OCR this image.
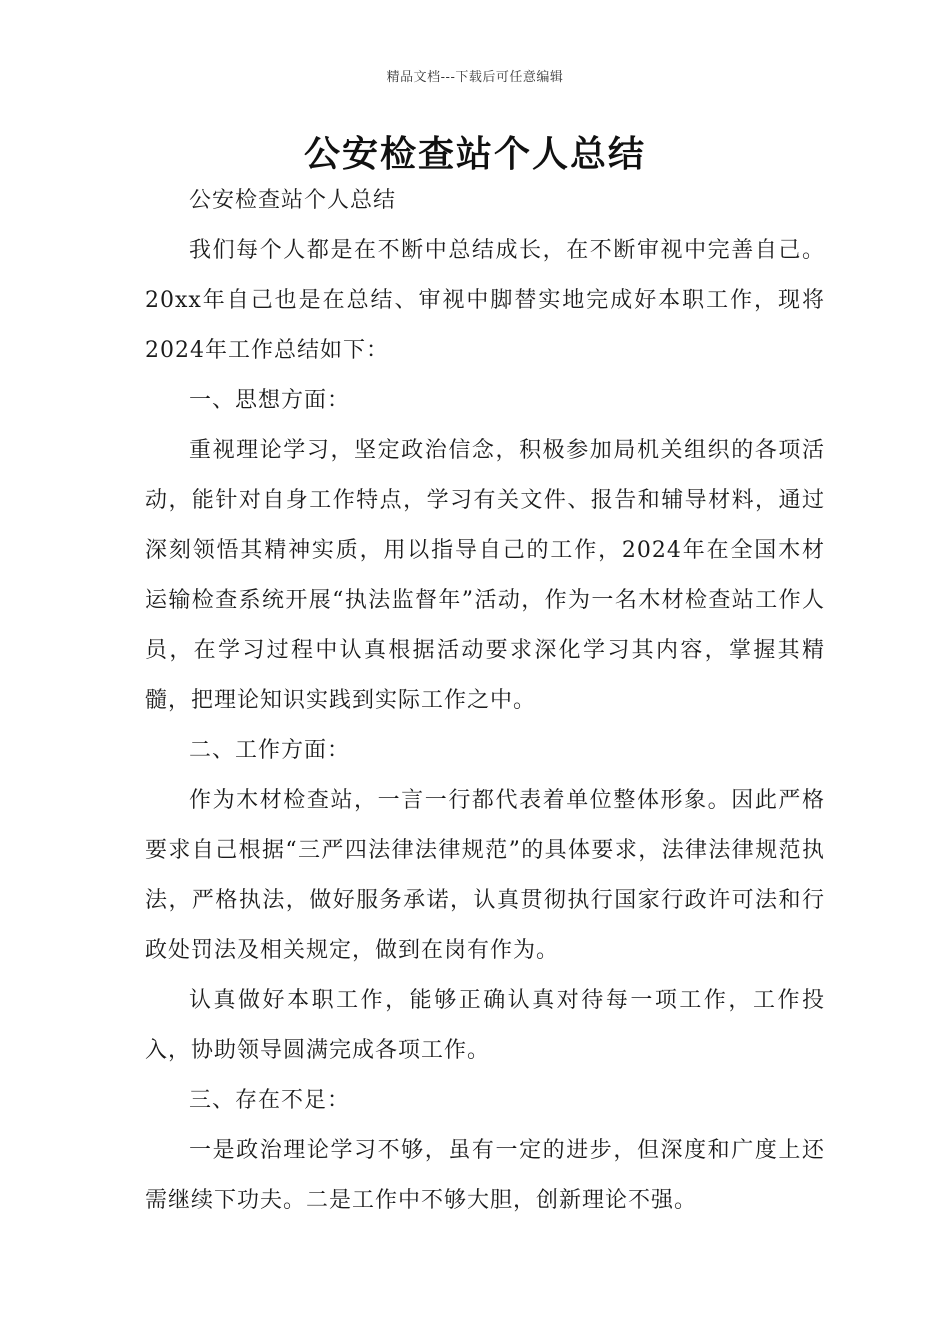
精品文档---下载后可任意编辑
公安检查站个人总结

公安检查站个人总结

我们每个人都是在不断中总结成长，在不断审视中完善自己。20xx年自己也是在总结、审视中脚替实地完成好本职工作，现将2024年工作总结如下：

一、思想方面：

重视理论学习，坚定政治信念，积极参加局机关组织的各项活动，能针对自身工作特点，学习有关文件、报告和辅导材料，通过深刻领悟其精神实质，用以指导自己的工作，2024年在全国木材运输检查系统开展“执法监督年”活动，作为一名木材检查站工作人员，在学习过程中认真根据活动要求深化学习其内容，掌握其精髓，把理论知识实践到实际工作之中。

二、工作方面：

作为木材检查站，一言一行都代表着单位整体形象。因此严格要求自己根据“三严四法律法律规范”的具体要求，法律法律规范执法，严格执法，做好服务承诺，认真贯彻执行国家行政许可法和行政处罚法及相关规定，做到在岗有作为。

认真做好本职工作，能够正确认真对待每一项工作，工作投入，协助领导圆满完成各项工作。

三、存在不足：

一是政治理论学习不够，虽有一定的进步，但深度和广度上还需继续下功夫。二是工作中不够大胆，创新理论不强。
